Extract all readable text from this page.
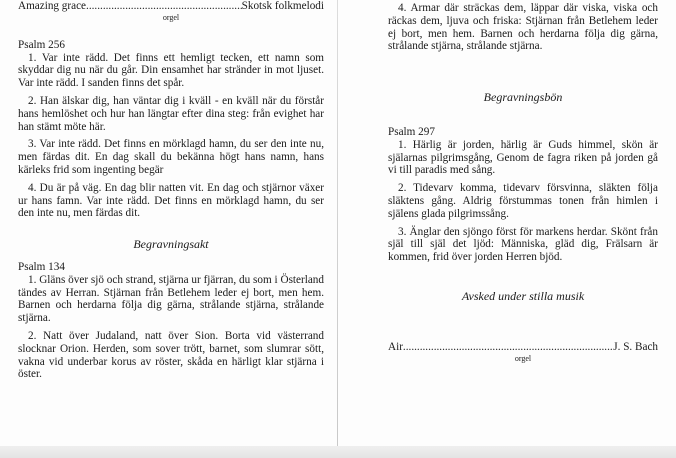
Amazing grace .....	Skotsk folkmelodi
orgel

Psalm 256

1. Var inte rädd. Det finns ett hemligt tecken, ett namn som skyddar dig nu när du går. Din ensamhet har stränder in mot ljuset. Var inte rädd. I sanden finns det spår.

2. Han älskar dig, han väntar dig i kväll - en kväll när du förstår hans hemlöshet och hur han längtar efter dina steg: från evighet har han stämt möte här.

3. Var inte rädd. Det finns en mörklagd hamn, du ser den inte nu, men färdas dit. En dag skall du bekänna högt hans namn, hans kärleks frid som ingenting begär

4. Du är på väg. En dag blir natten vit. En dag och stjärnor växer ur hans famn. Var inte rädd. Det finns en mörklagd hamn, du ser den inte nu, men färdas dit.

Begravningsakt

Psalm 134

1. Gläns över sjö och strand, stjärna ur fjärran, du som i Österland tändes av Herran. Stjärnan från Betlehem leder ej bort, men hem. Barnen och herdarna följa dig gärna, strålande stjärna, strålande stjärna.

2. Natt över Judaland, natt över Sion. Borta vid västerrand slocknar Orion. Herden, som sover trött, barnet, som slumrar sött, vakna vid underbar korus av röster, skåda en härligt klar stjärna i öster.

4. Armar där sträckas dem, läppar där viska, viska och räckas dem, ljuva och friska: Stjärnan från Betlehem leder ej bort, men hem. Barnen och herdarna följa dig gärna, strålande stjärna, strålande stjärna.

Begravningsbön

Psalm 297

1. Härlig är jorden, härlig är Guds himmel, skön är själarnas pilgrimsgång, Genom de fagra riken på jorden gå vi till paradis med sång.

2. Tidevarv komma, tidevarv försvinna, släkten följa släktens gång. Aldrig förstummas tonen från himlen i själens glada pilgrimssång.

3. Änglar den sjöngo först för markens herdar. Skönt från själ till själ det ljöd: Människa, gläd dig, Frälsarn är kommen, frid över jorden Herren bjöd.

Avsked under stilla musik

Air .....	J. S. Bach
orgel
